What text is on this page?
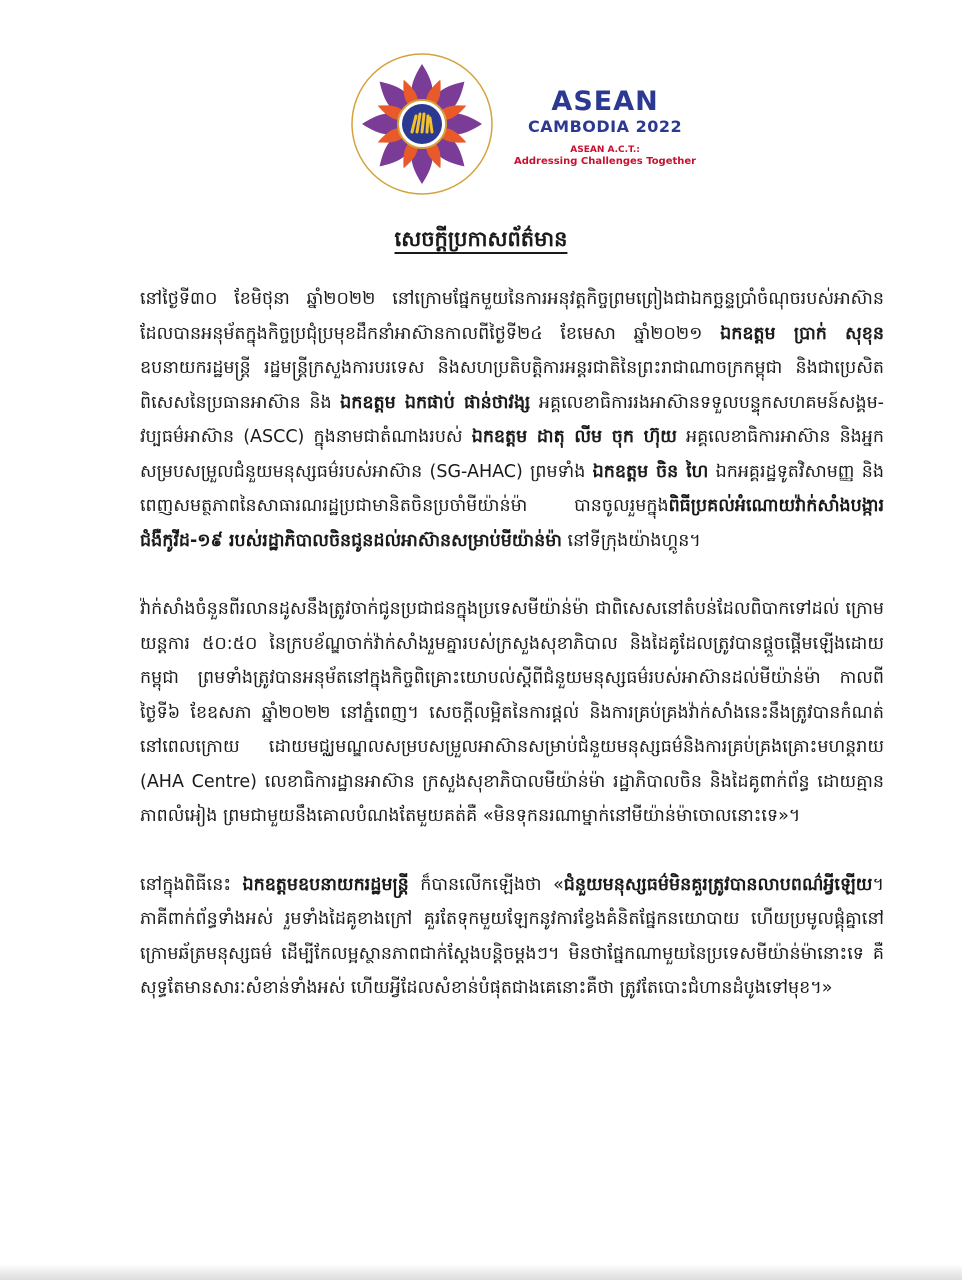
ASEAN
CAMBODIA 2022
ASEAN A.C.T.:
Addressing Challenges Together
សេចក្តីប្រកាសព័ត៌មាន

នៅថ្ងៃទី៣០ ខែមិថុនា ឆ្នាំ២០២២ នៅក្រោមផ្នែកមួយនៃការអនុវត្តកិច្ចព្រមព្រៀងជាឯកច្ឆន្ទប្រាំចំណុចរបស់អាស៊ាន ដែលបានអនុម័តក្នុងកិច្ចប្រជុំប្រមុខដឹកនាំអាស៊ានកាលពីថ្ងៃទី២៤ ខែមេសា ឆ្នាំ២០២១ ឯកឧត្តម ប្រាក់ សុខុន ឧបនាយករដ្ឋមន្ត្រី រដ្ឋមន្ត្រីក្រសួងការបរទេស និងសហប្រតិបត្តិការអន្តរជាតិនៃព្រះរាជាណាចក្រកម្ពុជា និងជាប្រេសិតពិសេសនៃប្រធានអាស៊ាន និង ឯកឧត្តម ឯកផាប់ ផាន់ថាវង្ស អគ្គលេខាធិការរងអាស៊ានទទួលបន្ទុកសហគមន៍សង្គម-វប្បធម៌អាស៊ាន (ASCC) ក្នុងនាមជាតំណាងរបស់ ឯកឧត្តម ដាតុ លីម ចុក ហ៊ុយ អគ្គលេខាធិការអាស៊ាន និងអ្នកសម្របសម្រួលជំនួយមនុស្សធម៌របស់អាស៊ាន (SG-AHAC) ព្រមទាំង ឯកឧត្តម ចិន ហៃ ឯកអគ្គរដ្ឋទូតវិសាមញ្ញ និងពេញសមត្ថភាពនៃសាធារណរដ្ឋប្រជាមានិតចិនប្រចាំមីយ៉ាន់ម៉ា បានចូលរួមក្នុងពិធីប្រគល់អំណោយវ៉ាក់សាំងបង្ការជំងឺកូវីដ-១៩ របស់រដ្ឋាភិបាលចិនជូនដល់អាស៊ានសម្រាប់មីយ៉ាន់ម៉ា នៅទីក្រុងយ៉ាងហ្គូន។

វ៉ាក់សាំងចំនួនពីរលានដូសនឹងត្រូវចាក់ជូនប្រជាជនក្នុងប្រទេសមីយ៉ាន់ម៉ា ជាពិសេសនៅតំបន់ដែលពិបាកទៅដល់ ក្រោមយន្តការ ៥០:៥០ នៃក្របខ័ណ្ឌចាក់វ៉ាក់សាំងរួមគ្នារបស់ក្រសួងសុខាភិបាល និងដៃគូដែលត្រូវបានផ្តួចផ្តើមឡើងដោយកម្ពុជា ព្រមទាំងត្រូវបានអនុម័តនៅក្នុងកិច្ចពិគ្រោះយោបល់ស្តីពីជំនួយមនុស្សធម៌របស់អាស៊ានដល់មីយ៉ាន់ម៉ា កាលពីថ្ងៃទី៦ ខែឧសភា ឆ្នាំ២០២២ នៅភ្នំពេញ។ សេចក្តីលម្អិតនៃការផ្តល់ និងការគ្រប់គ្រងវ៉ាក់សាំងនេះនឹងត្រូវបានកំណត់នៅពេលក្រោយ ដោយមជ្ឈមណ្ឌលសម្របសម្រួលអាស៊ានសម្រាប់ជំនួយមនុស្សធម៌និងការគ្រប់គ្រងគ្រោះមហន្តរាយ (AHA Centre) លេខាធិការដ្ឋានអាស៊ាន ក្រសួងសុខាភិបាលមីយ៉ាន់ម៉ា រដ្ឋាភិបាលចិន និងដៃគូពាក់ព័ន្ធ ដោយគ្មានភាពលំអៀង ព្រមជាមួយនឹងគោលបំណងតែមួយគត់គឺ «មិនទុកនរណាម្នាក់នៅមីយ៉ាន់ម៉ាចោលនោះទេ»។

នៅក្នុងពិធីនេះ ឯកឧត្តមឧបនាយករដ្ឋមន្ត្រី ក៏បានលើកឡើងថា «ជំនួយមនុស្សធម៌មិនគួរត្រូវបានលាបពណ៌អ្វីឡើយ។ ភាគីពាក់ព័ន្ធទាំងអស់ រួមទាំងដៃគូខាងក្រៅ គួរតែទុកមួយឡែកនូវការខ្វែងគំនិតផ្នែកនយោបាយ ហើយប្រមូលផ្តុំគ្នានៅក្រោមឆ័ត្រមនុស្សធម៌ ដើម្បីកែលម្អស្ថានភាពជាក់ស្តែងបន្តិចម្តងៗ។ មិនថាផ្នែកណាមួយនៃប្រទេសមីយ៉ាន់ម៉ានោះទេ គឺសុទ្ធតែមានសារៈសំខាន់ទាំងអស់ ហើយអ្វីដែលសំខាន់បំផុតជាងគេនោះគឺថា ត្រូវតែបោះជំហានដំបូងទៅមុខ។»
